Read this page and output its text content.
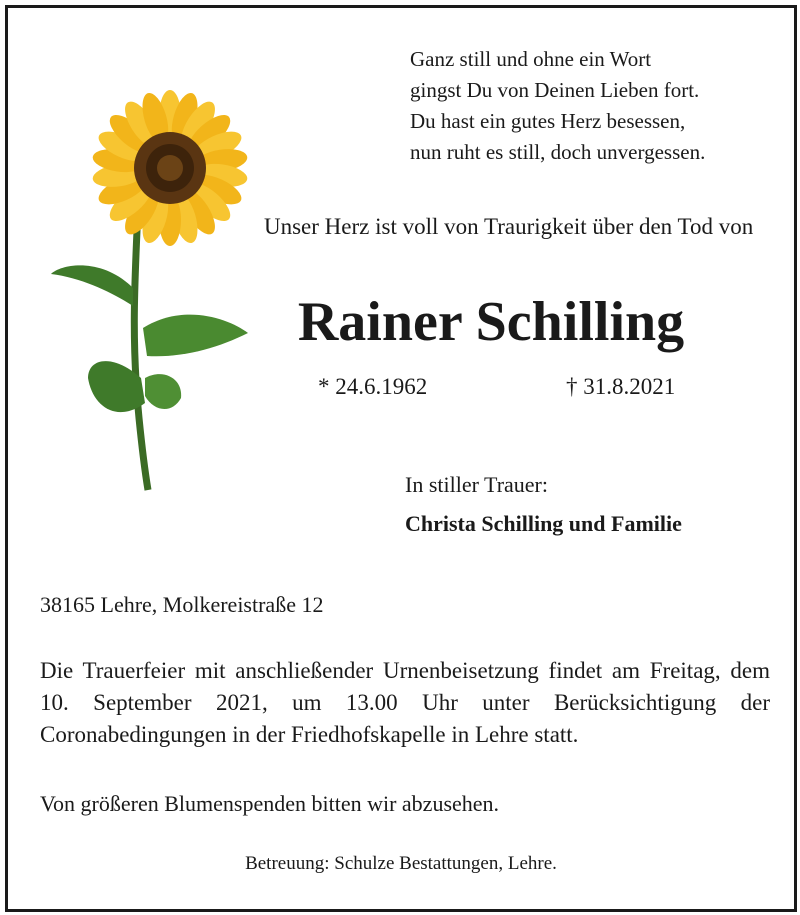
Ganz still und ohne ein Wort
gingst Du von Deinen Lieben fort.
Du hast ein gutes Herz besessen,
nun ruht es still, doch unvergessen.
Unser Herz ist voll von Traurigkeit über den Tod von
Rainer Schilling
* 24.6.1962	† 31.8.2021
In stiller Trauer:
Christa Schilling und Familie
38165 Lehre, Molkereistraße 12
Die Trauerfeier mit anschließender Urnenbeisetzung findet am Freitag, dem 10. September 2021, um 13.00 Uhr unter Berücksichtigung der Coronabedingungen in der Friedhofskapelle in Lehre statt.
Von größeren Blumenspenden bitten wir abzusehen.
Betreuung: Schulze Bestattungen, Lehre.
